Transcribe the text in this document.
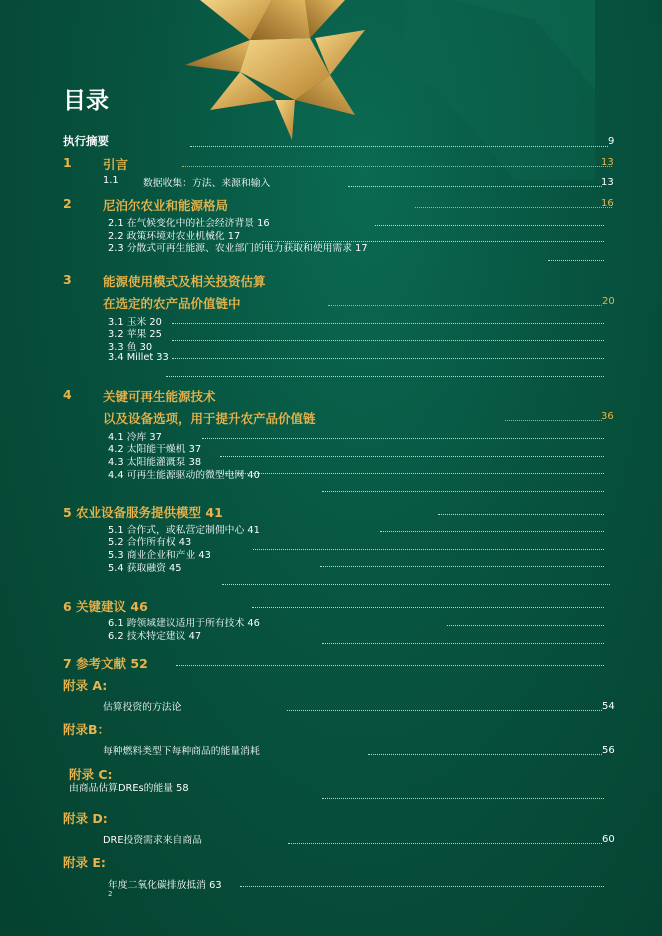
目录
执行摘要	9
1	引言	13
1.1 数据收集：方法、来源和输入	13
2	尼泊尔农业和能源格局	16
2.1 在气候变化中的社会经济背景 16
2.2 政策环境对农业机械化 17
2.3 分散式可再生能源、农业部门的电力获取和使用需求 17
3	能源使用模式及相关投资估算
在选定的农产品价值链中	20
3.1 玉米 20
3.2 苹果 25
3.3 鱼 30
3.4 Millet 33
4	关键可再生能源技术
以及设备选项，用于提升农产品价值链	36
4.1 冷库 37
4.2 太阳能干燥机 37
4.3 太阳能灌溉泵 38
4.4 可再生能源驱动的微型电网 40
5 农业设备服务提供模型 41
5.1 合作式，或私营定制佣中心 41
5.2 合作所有权 43
5.3 商业企业和产业 43
5.4 获取融资 45
6 关键建议 46
6.1 跨领域建议适用于所有技术 46
6.2 技术特定建议 47
7 参考文献 52
附录 A:
估算投资的方法论	54
附录B：
每种燃料类型下每种商品的能量消耗	56
附录 C:
由商品估算DREs的能量 58
附录 D:
DRE投资需求来自商品	60
附录 E:
年度二氧化碳排放抵消 63
2
